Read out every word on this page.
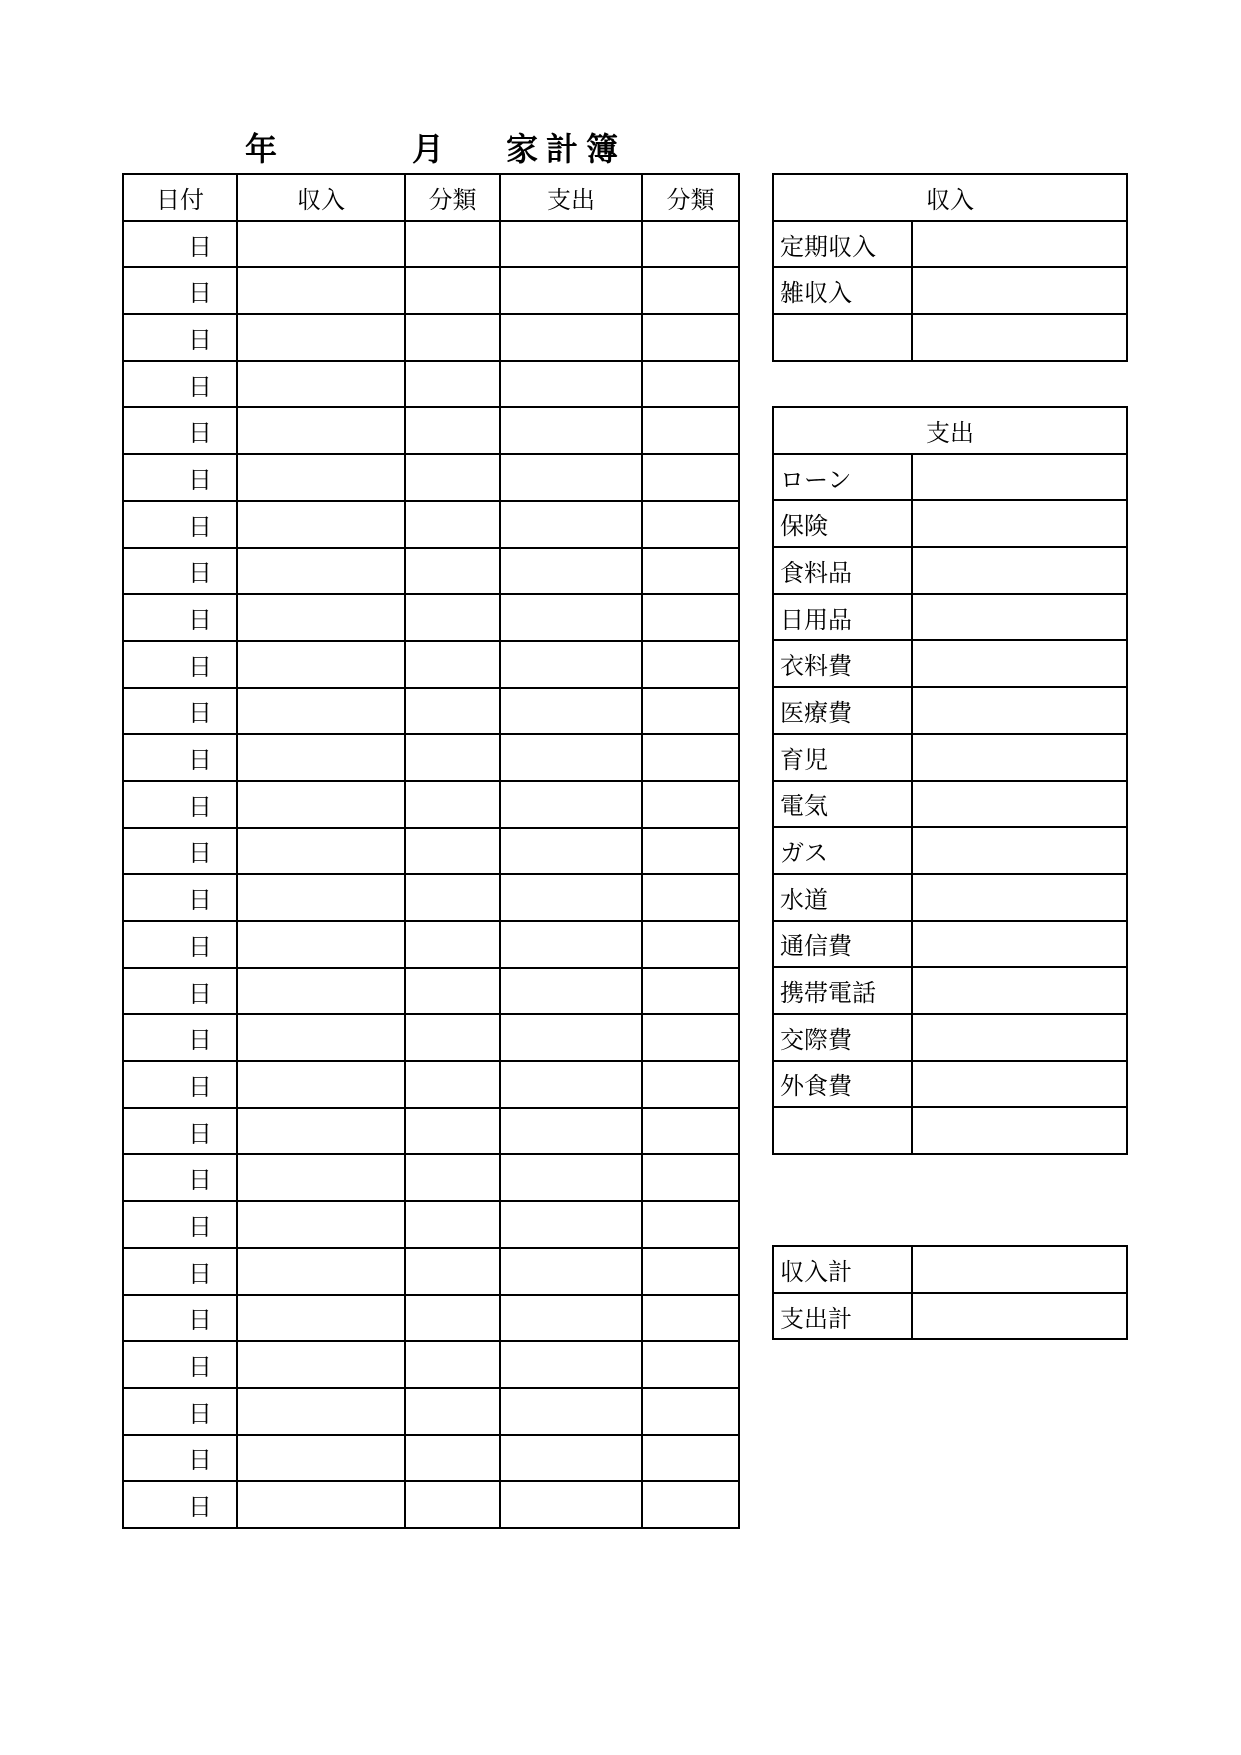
年	月 家計簿
日付	収入	分類	支出	分類
日				
日				
日				
日				
日				
日				
日				
日				
日				
日				
日				
日				
日				
日				
日				
日				
日				
日				
日				
日				
日				
日				
日				
日				
日				
日				
日				
日				
収入	
定期収入	
雑収入	

支出	
ローン	
保険	
食料品	
日用品	
衣料費	
医療費	
育児	
電気	
ガス	
水道	
通信費	
携帯電話	
交際費	
外食費	

収入計	
支出計	
